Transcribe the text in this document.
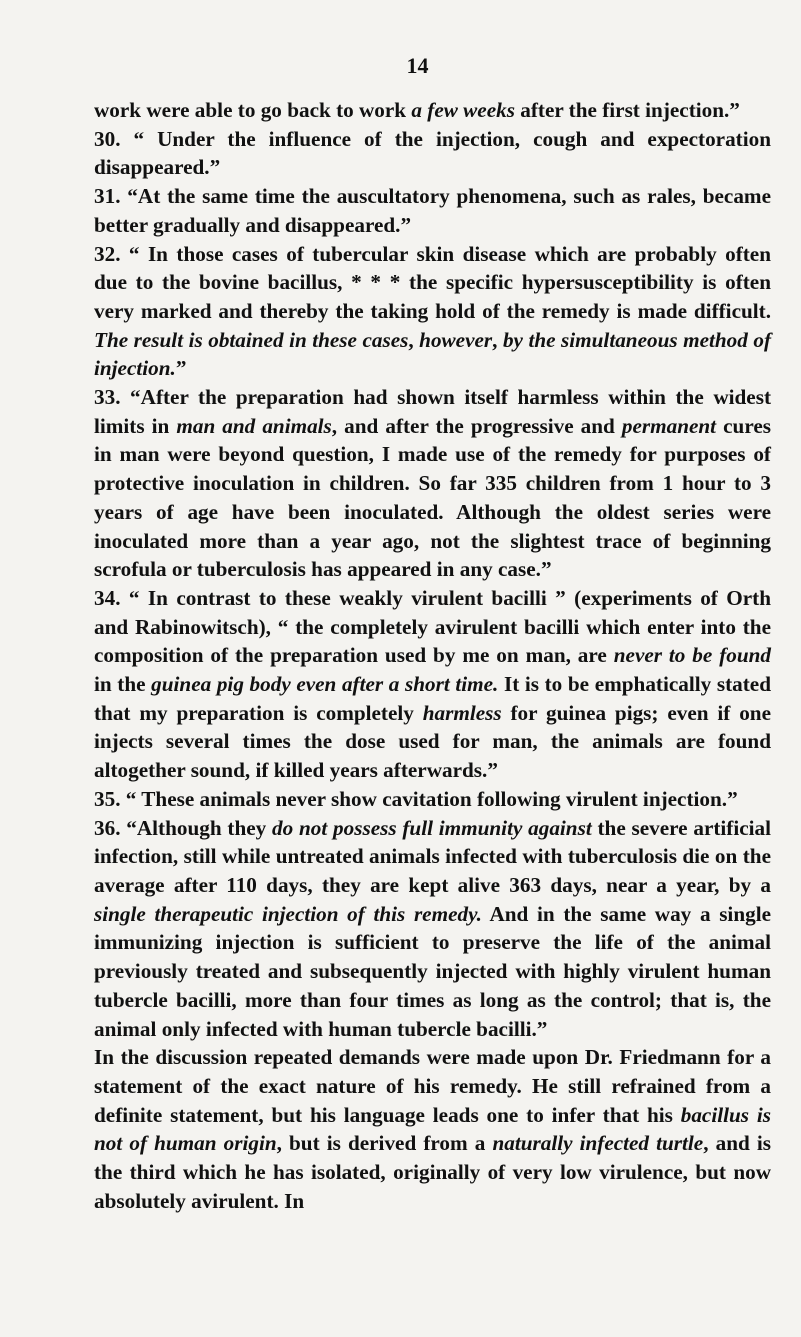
14

work were able to go back to work a few weeks after the first injection.”

30. “ Under the influence of the injection, cough and expectoration disappeared.”

31. “At the same time the auscultatory phenomena, such as rales, became better gradually and disappeared.”

32. “ In those cases of tubercular skin disease which are probably often due to the bovine bacillus, * * * the specific hypersusceptibility is often very marked and thereby the taking hold of the remedy is made difficult. The result is obtained in these cases, however, by the simultaneous method of injection.”

33. “After the preparation had shown itself harmless within the widest limits in man and animals, and after the progressive and permanent cures in man were beyond question, I made use of the remedy for purposes of protective inoculation in children. So far 335 children from 1 hour to 3 years of age have been inoculated. Although the oldest series were inoculated more than a year ago, not the slightest trace of beginning scrofula or tuberculosis has appeared in any case.”

34. “ In contrast to these weakly virulent bacilli ” (experiments of Orth and Rabinowitsch), “ the completely avirulent bacilli which enter into the composition of the preparation used by me on man, are never to be found in the guinea pig body even after a short time. It is to be emphatically stated that my preparation is completely harmless for guinea pigs; even if one injects several times the dose used for man, the animals are found altogether sound, if killed years afterwards.”

35. “ These animals never show cavitation following virulent injection.”

36. “Although they do not possess full immunity against the severe artificial infection, still while untreated animals infected with tuberculosis die on the average after 110 days, they are kept alive 363 days, near a year, by a single therapeutic injection of this remedy. And in the same way a single immunizing injection is sufficient to preserve the life of the animal previously treated and subsequently injected with highly virulent human tubercle bacilli, more than four times as long as the control; that is, the animal only infected with human tubercle bacilli.”

In the discussion repeated demands were made upon Dr. Friedmann for a statement of the exact nature of his remedy. He still refrained from a definite statement, but his language leads one to infer that his bacillus is not of human origin, but is derived from a naturally infected turtle, and is the third which he has isolated, originally of very low virulence, but now absolutely avirulent. In
